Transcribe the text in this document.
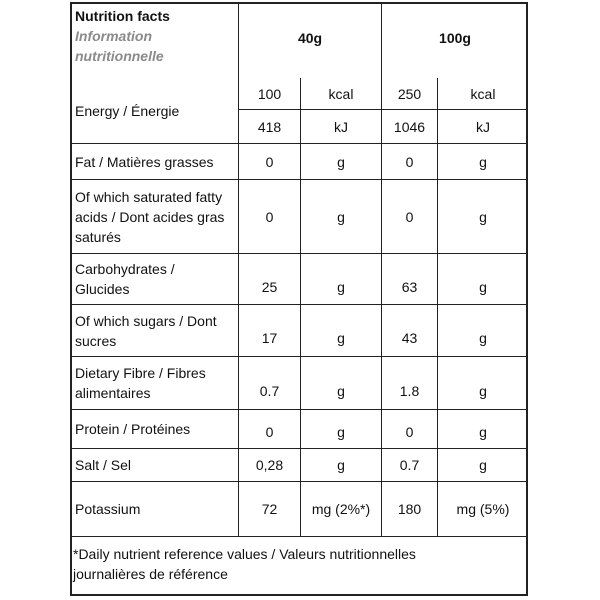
Nutrition facts
Information
nutritionnelle
40g	100g
Energy / Énergie
100	kcal	250	kcal
418	kJ	1046	kJ
Fat / Matières grasses	0	g	0	g
Of which saturated fatty
acids / Dont acides gras
saturés
0	g	0	g
Carbohydrates /
Glucides	25	g	63	g
Of which sugars / Dont
sucres	17	g	43	g
Dietary Fibre / Fibres
alimentaires	0.7	g	1.8	g
Protein / Protéines	0	g	0	g
Salt / Sel	0,28	g	0.7	g
Potassium	72	mg (2%*)	180	mg (5%)
*Daily nutrient reference values / Valeurs nutritionnelles
journalières de référence
